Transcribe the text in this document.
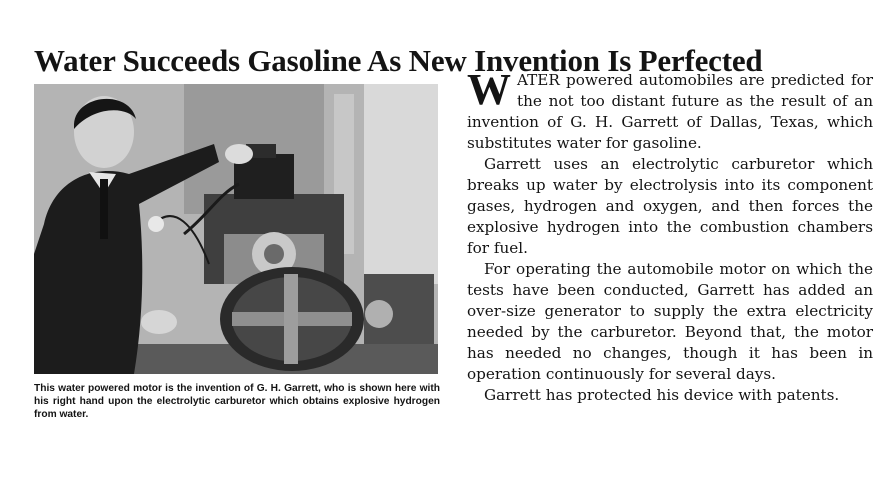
Water Succeeds Gasoline As New Invention Is Perfected
This water powered motor is the invention of G. H. Garrett, who is shown here with his right hand upon the electrolytic carburetor which obtains explosive hydrogen from water.

WATER powered automobiles are predicted for the not too distant future as the result of an invention of G. H. Garrett of Dallas, Texas, which substitutes water for gasoline.

Garrett uses an electrolytic carburetor which breaks up water by electrolysis into its component gases, hydrogen and oxygen, and then forces the explosive hydrogen into the combustion chambers for fuel.

For operating the automobile motor on which the tests have been conducted, Garrett has added an over-size generator to supply the extra electricity needed by the carburetor. Beyond that, the motor has needed no changes, though it has been in operation continuously for several days.

Garrett has protected his device with patents.
